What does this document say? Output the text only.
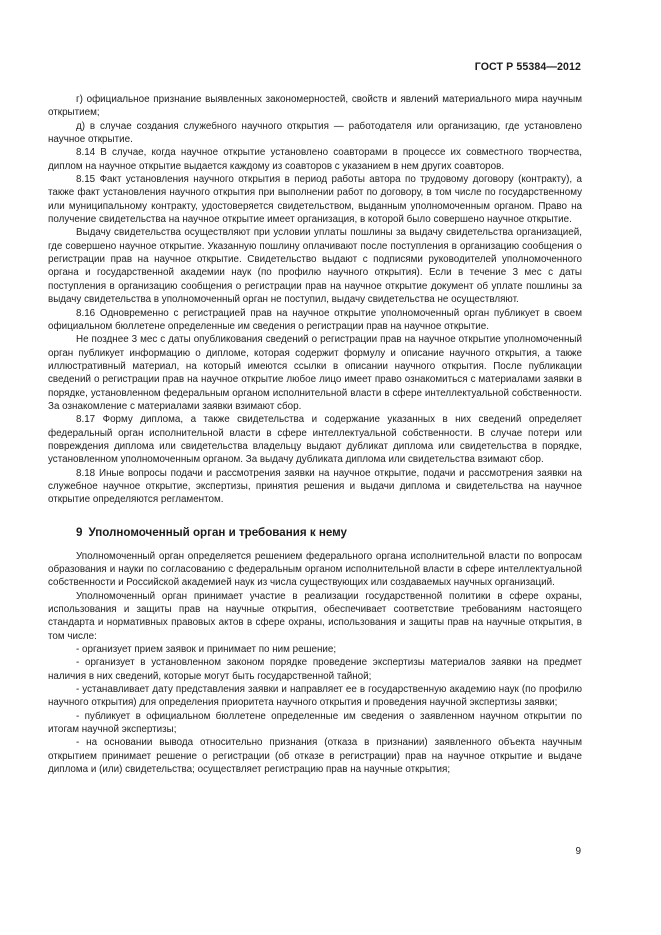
ГОСТ Р 55384—2012

г) официальное признание выявленных закономерностей, свойств и явлений материального мира научным открытием;

д) в случае создания служебного научного открытия — работодателя или организацию, где установлено научное открытие.

8.14 В случае, когда научное открытие установлено соавторами в процессе их совместного творчества, диплом на научное открытие выдается каждому из соавторов с указанием в нем других соавторов.

8.15 Факт установления научного открытия в период работы автора по трудовому договору (контракту), а также факт установления научного открытия при выполнении работ по договору, в том числе по государственному или муниципальному контракту, удостоверяется свидетельством, выданным уполномоченным органом. Право на получение свидетельства на научное открытие имеет организация, в которой было совершено научное открытие.

Выдачу свидетельства осуществляют при условии уплаты пошлины за выдачу свидетельства организацией, где совершено научное открытие. Указанную пошлину оплачивают после поступления в организацию сообщения о регистрации прав на научное открытие. Свидетельство выдают с подписями руководителей уполномоченного органа и государственной академии наук (по профилю научного открытия). Если в течение 3 мес с даты поступления в организацию сообщения о регистрации прав на научное открытие документ об уплате пошлины за выдачу свидетельства в уполномоченный орган не поступил, выдачу свидетельства не осуществляют.

8.16 Одновременно с регистрацией прав на научное открытие уполномоченный орган публикует в своем официальном бюллетене определенные им сведения о регистрации прав на научное открытие.

Не позднее 3 мес с даты опубликования сведений о регистрации прав на научное открытие уполномоченный орган публикует информацию о дипломе, которая содержит формулу и описание научного открытия, а также иллюстративный материал, на который имеются ссылки в описании научного открытия. После публикации сведений о регистрации прав на научное открытие любое лицо имеет право ознакомиться с материалами заявки в порядке, установленном федеральным органом исполнительной власти в сфере интеллектуальной собственности. За ознакомление с материалами заявки взимают сбор.

8.17 Форму диплома, а также свидетельства и содержание указанных в них сведений определяет федеральный орган исполнительной власти в сфере интеллектуальной собственности. В случае потери или повреждения диплома или свидетельства владельцу выдают дубликат диплома или свидетельства в порядке, установленном уполномоченным органом. За выдачу дубликата диплома или свидетельства взимают сбор.

8.18 Иные вопросы подачи и рассмотрения заявки на научное открытие, подачи и рассмотрения заявки на служебное научное открытие, экспертизы, принятия решения и выдачи диплома и свидетельства на научное открытие определяются регламентом.

9 Уполномоченный орган и требования к нему

Уполномоченный орган определяется решением федерального органа исполнительной власти по вопросам образования и науки по согласованию с федеральным органом исполнительной власти в сфере интеллектуальной собственности и Российской академией наук из числа существующих или создаваемых научных организаций.

Уполномоченный орган принимает участие в реализации государственной политики в сфере охраны, использования и защиты прав на научные открытия, обеспечивает соответствие требованиям настоящего стандарта и нормативных правовых актов в сфере охраны, использования и защиты прав на научные открытия, в том числе:

- организует прием заявок и принимает по ним решение;

- организует в установленном законом порядке проведение экспертизы материалов заявки на предмет наличия в них сведений, которые могут быть государственной тайной;

- устанавливает дату представления заявки и направляет ее в государственную академию наук (по профилю научного открытия) для определения приоритета научного открытия и проведения научной экспертизы заявки;

- публикует в официальном бюллетене определенные им сведения о заявленном научном открытии по итогам научной экспертизы;

- на основании вывода относительно признания (отказа в признании) заявленного объекта научным открытием принимает решение о регистрации (об отказе в регистрации) прав на научное открытие и выдаче диплома и (или) свидетельства; осуществляет регистрацию прав на научные открытия;

9
